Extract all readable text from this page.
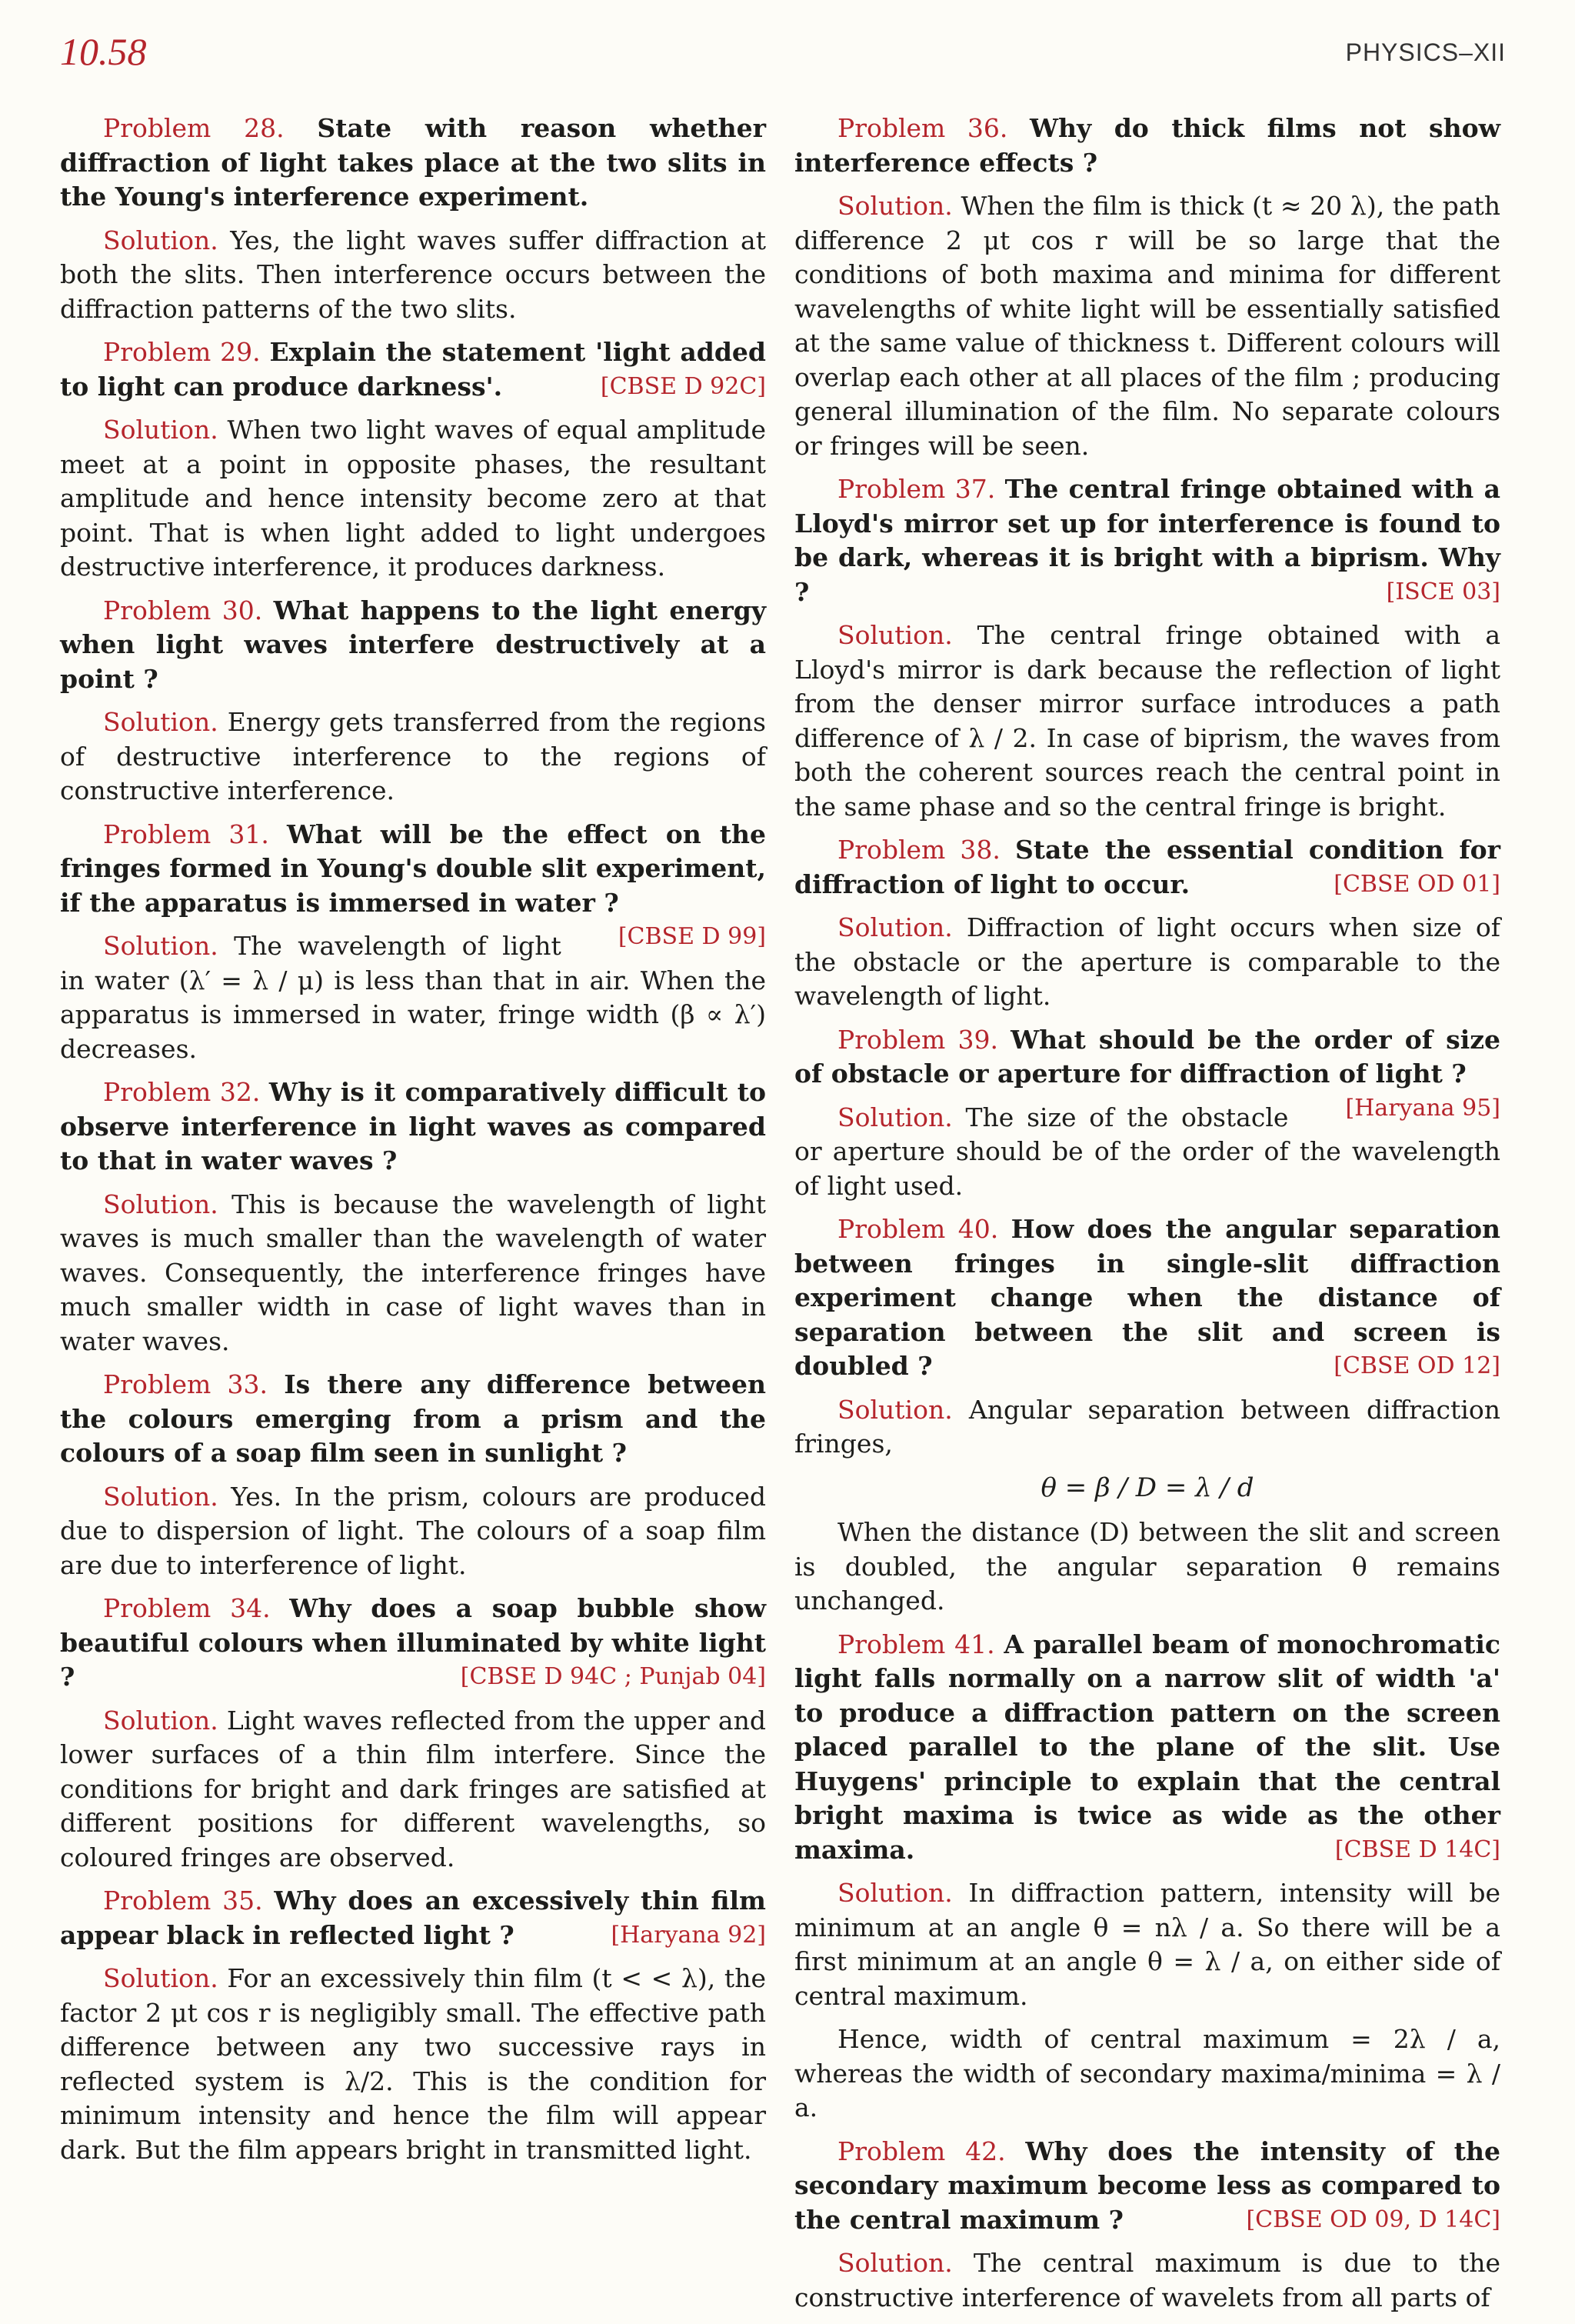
10.58	PHYSICS–XII

Problem 28. State with reason whether diffraction of light takes place at the two slits in the Young's interference experiment.

Solution. Yes, the light waves suffer diffraction at both the slits. Then interference occurs between the diffraction patterns of the two slits.

Problem 29. Explain the statement 'light added to light can produce darkness'.	[CBSE D 92C]

Solution. When two light waves of equal amplitude meet at a point in opposite phases, the resultant amplitude and hence intensity become zero at that point. That is when light added to light undergoes destructive interference, it produces darkness.

Problem 30. What happens to the light energy when light waves interfere destructively at a point ?

Solution. Energy gets transferred from the regions of destructive interference to the regions of constructive interference.

Problem 31. What will be the effect on the fringes formed in Young's double slit experiment, if the apparatus is immersed in water ?
[CBSE D 99]

Solution. The wavelength of light in water (λ′ = λ / μ) is less than that in air. When the apparatus is immersed in water, fringe width (β ∝ λ′) decreases.

Problem 32. Why is it comparatively difficult to observe interference in light waves as compared to that in water waves ?

Solution. This is because the wavelength of light waves is much smaller than the wavelength of water waves. Consequently, the interference fringes have much smaller width in case of light waves than in water waves.

Problem 33. Is there any difference between the colours emerging from a prism and the colours of a soap film seen in sunlight ?

Solution. Yes. In the prism, colours are produced due to dispersion of light. The colours of a soap film are due to interference of light.

Problem 34. Why does a soap bubble show beautiful colours when illuminated by white light ?	[CBSE D 94C ; Punjab 04]

Solution. Light waves reflected from the upper and lower surfaces of a thin film interfere. Since the conditions for bright and dark fringes are satisfied at different positions for different wavelengths, so coloured fringes are observed.

Problem 35. Why does an excessively thin film appear black in reflected light ?	[Haryana 92]

Solution. For an excessively thin film (t < < λ), the factor 2 μt cos r is negligibly small. The effective path difference between any two successive rays in reflected system is λ/2. This is the condition for minimum intensity and hence the film will appear dark. But the film appears bright in transmitted light.

Problem 36. Why do thick films not show interference effects ?

Solution. When the film is thick (t ≈ 20 λ), the path difference 2 μt cos r will be so large that the conditions of both maxima and minima for different wavelengths of white light will be essentially satisfied at the same value of thickness t. Different colours will overlap each other at all places of the film ; producing general illumination of the film. No separate colours or fringes will be seen.

Problem 37. The central fringe obtained with a Lloyd's mirror set up for interference is found to be dark, whereas it is bright with a biprism. Why ?	[ISCE 03]

Solution. The central fringe obtained with a Lloyd's mirror is dark because the reflection of light from the denser mirror surface introduces a path difference of λ / 2. In case of biprism, the waves from both the coherent sources reach the central point in the same phase and so the central fringe is bright.

Problem 38. State the essential condition for diffraction of light to occur.	[CBSE OD 01]

Solution. Diffraction of light occurs when size of the obstacle or the aperture is comparable to the wavelength of light.

Problem 39. What should be the order of size of obstacle or aperture for diffraction of light ?
[Haryana 95]

Solution. The size of the obstacle or aperture should be of the order of the wavelength of light used.

Problem 40. How does the angular separation between fringes in single-slit diffraction experiment change when the distance of separation between the slit and screen is doubled ?	[CBSE OD 12]

Solution. Angular separation between diffraction fringes,

θ = β / D = λ / d
When the distance (D) between the slit and screen is doubled, the angular separation θ remains unchanged.

Problem 41. A parallel beam of monochromatic light falls normally on a narrow slit of width 'a' to produce a diffraction pattern on the screen placed parallel to the plane of the slit. Use Huygens' principle to explain that the central bright maxima is twice as wide as the other maxima.	[CBSE D 14C]

Solution. In diffraction pattern, intensity will be minimum at an angle θ = nλ / a. So there will be a first minimum at an angle θ = λ / a, on either side of central maximum.

Hence, width of central maximum = 2λ / a, whereas the width of secondary maxima/minima = λ / a.

Problem 42. Why does the intensity of the secondary maximum become less as compared to the central maximum ?	[CBSE OD 09, D 14C]

Solution. The central maximum is due to the constructive interference of wavelets from all parts of
